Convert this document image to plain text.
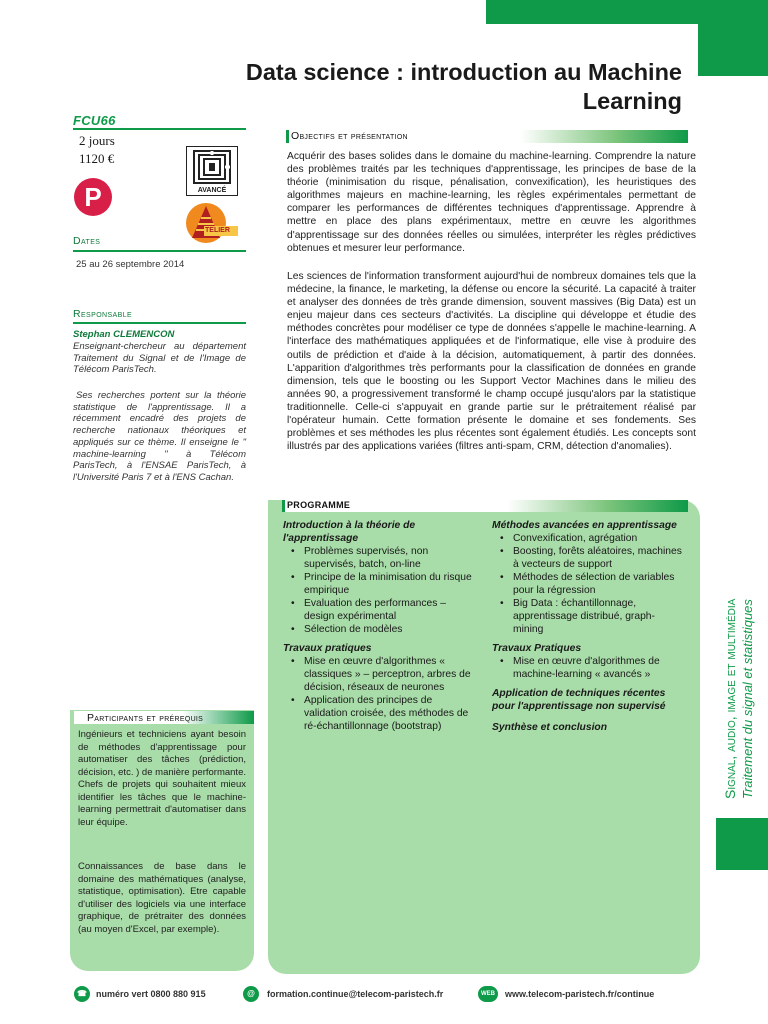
Data science : introduction au Machine
Learning
FCU66
2 jours
1120 €
P	AVANCÉ
TELIER
Dates
25 au 26 septembre 2014
Responsable
Stephan CLEMENCON
Enseignant-chercheur au département Traitement du Signal et de l'Image de Télécom ParisTech.
Ses recherches portent sur la théorie statistique de l'apprentissage. Il a récemment encadré des projets de recherche nationaux théoriques et appliqués sur ce thème. Il enseigne le " machine-learning " à Télécom ParisTech, à l'ENSAE ParisTech, à l'Université Paris 7 et à l'ENS Cachan.
Participants et prérequis
Ingénieurs et techniciens ayant besoin de méthodes d'apprentissage pour automatiser des tâches (prédiction, décision, etc. ) de manière performante. Chefs de projets qui souhaitent mieux identifier les tâches que le machine-learning permettrait d'automatiser dans leur équipe.
Connaissances de base dans le domaine des mathématiques (analyse, statistique, optimisation). Etre capable d'utiliser des logiciels via une interface graphique, de prétraiter des données (au moyen d'Excel, par exemple).
Objectifs et présentation
Acquérir des bases solides dans le domaine du machine-learning. Comprendre la nature des problèmes traités par les techniques d'apprentissage, les principes de base de la théorie (minimisation du risque, pénalisation, convexification), les heuristiques des algorithmes majeurs en machine-learning, les règles expérimentales permettant de comparer les performances de différentes techniques d'apprentissage. Apprendre à mettre en place des plans expérimentaux, mettre en œuvre les algorithmes d'apprentissage sur des données réelles ou simulées, interpréter les règles prédictives obtenues et mesurer leur performance.
Les sciences de l'information transforment aujourd'hui de nombreux domaines tels que la médecine, la finance, le marketing, la défense ou encore la sécurité. La capacité à traiter et analyser des données de très grande dimension, souvent massives (Big Data) est un enjeu majeur dans ces secteurs d'activités. La discipline qui développe et étudie des méthodes concrètes pour modéliser ce type de données s'appelle le machine-learning. A l'interface des mathématiques appliquées et de l'informatique, elle vise à produire des outils de prédiction et d'aide à la décision, automatiquement, à partir des données. L'apparition d'algorithmes très performants pour la classification de données en grande dimension, tels que le boosting ou les Support Vector Machines dans le milieu des années 90, a progressivement transformé le champ occupé jusqu'alors par la statistique traditionnelle. Celle-ci s'appuyait en grande partie sur le prétraitement réalisé par l'opérateur humain. Cette formation présente le domaine et ses fondements. Ses problèmes et ses méthodes les plus récentes sont également étudiés. Les concepts sont illustrés par des applications variées (filtres anti-spam, CRM, détection d'anomalies).
PROGRAMME
Introduction à la théorie de l'apprentissage
• Problèmes supervisés, non supervisés, batch, on-line
• Principe de la minimisation du risque empirique
• Evaluation des performances – design expérimental
• Sélection de modèles
Travaux pratiques
• Mise en œuvre d'algorithmes « classiques » – perceptron, arbres de décision, réseaux de neurones
• Application des principes de validation croisée, des méthodes de ré-échantillonnage (bootstrap)
Méthodes avancées en apprentissage
• Convexification, agrégation
• Boosting, forêts aléatoires, machines à vecteurs de support
• Méthodes de sélection de variables pour la régression
• Big Data : échantillonnage, apprentissage distribué, graph-mining
Travaux Pratiques
• Mise en œuvre d'algorithmes de machine-learning « avancés »
Application de techniques récentes pour l'apprentissage non supervisé
Synthèse et conclusion	Signal, audio, image et multimédia Traitement du signal et statistiques
☎	numéro vert 0800 880 915	@	formation.continue@telecom-paristech.fr	WEB	www.telecom-paristech.fr/continue
